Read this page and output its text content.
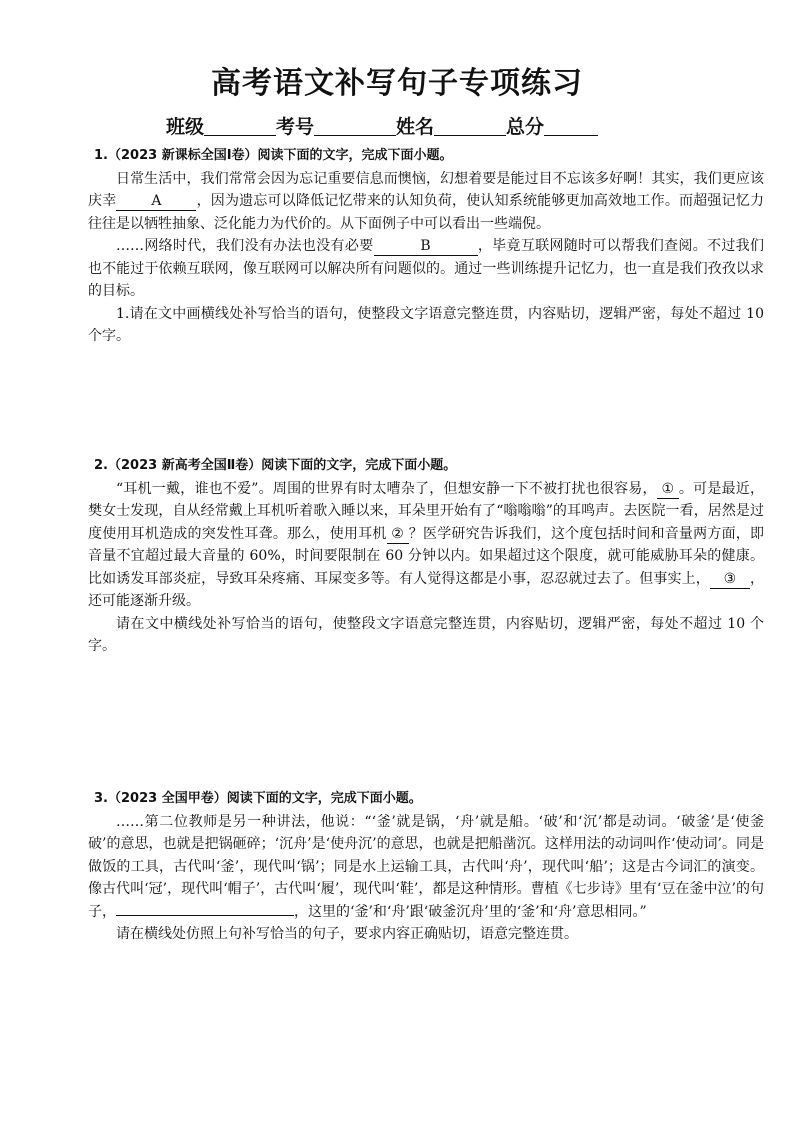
高考语文补写句子专项练习
班级	考号	姓名	总分

1.（2023 新课标全国Ⅰ卷）阅读下面的文字，完成下面小题。

日常生活中，我们常常会因为忘记重要信息而懊恼，幻想着要是能过目不忘该多好啊！其实，我们更应该庆幸 A ，因为遗忘可以降低记忆带来的认知负荷，使认知系统能够更加高效地工作。而超强记忆力往往是以牺牲抽象、泛化能力为代价的。从下面例子中可以看出一些端倪。

……网络时代，我们没有办法也没有必要	B	，毕竟互联网随时可以帮我们查阅。不过我们也不能过于依赖互联网，像互联网可以解决所有问题似的。通过一些训练提升记忆力，也一直是我们孜孜以求的目标。

1.请在文中画横线处补写恰当的语句，使整段文字语意完整连贯，内容贴切，逻辑严密，每处不超过 10 个字。

2.（2023 新高考全国Ⅱ卷）阅读下面的文字，完成下面小题。

“耳机一戴，谁也不爱”。周围的世界有时太嘈杂了，但想安静一下不被打扰也很容易， ① 。可是最近，樊女士发现，自从经常戴上耳机听着歌入睡以来，耳朵里开始有了“嗡嗡嗡”的耳鸣声。去医院一看，居然是过度使用耳机造成的突发性耳聋。那么，使用耳机 ② ？医学研究告诉我们，这个度包括时间和音量两方面，即音量不宜超过最大音量的 60%，时间要限制在 60 分钟以内。如果超过这个限度，就可能威胁耳朵的健康。比如诱发耳部炎症，导致耳朵疼痛、耳屎变多等。有人觉得这都是小事，忍忍就过去了。但事实上， ③ ，还可能逐渐升级。

请在文中横线处补写恰当的语句，使整段文字语意完整连贯，内容贴切，逻辑严密，每处不超过 10 个字。

3.（2023 全国甲卷）阅读下面的文字，完成下面小题。

……第二位教师是另一种讲法，他说：“‘釜’就是锅，‘舟’就是船。‘破’和‘沉’都是动词。‘破釜’是‘使釜破’的意思，也就是把锅砸碎；‘沉舟’是‘使舟沉’的意思，也就是把船凿沉。这样用法的动词叫作‘使动词’。同是做饭的工具，古代叫‘釜’，现代叫‘锅’；同是水上运输工具，古代叫‘舟’，现代叫‘船’；这是古今词汇的演变。像古代叫‘冠’，现代叫‘帽子’，古代叫‘履’，现代叫‘鞋’，都是这种情形。曹植《七步诗》里有‘豆在釜中泣’的句子，	，这里的‘釜’和‘舟’跟‘破釜沉舟’里的‘釜’和‘舟’意思相同。”

请在横线处仿照上句补写恰当的句子，要求内容正确贴切，语意完整连贯。
